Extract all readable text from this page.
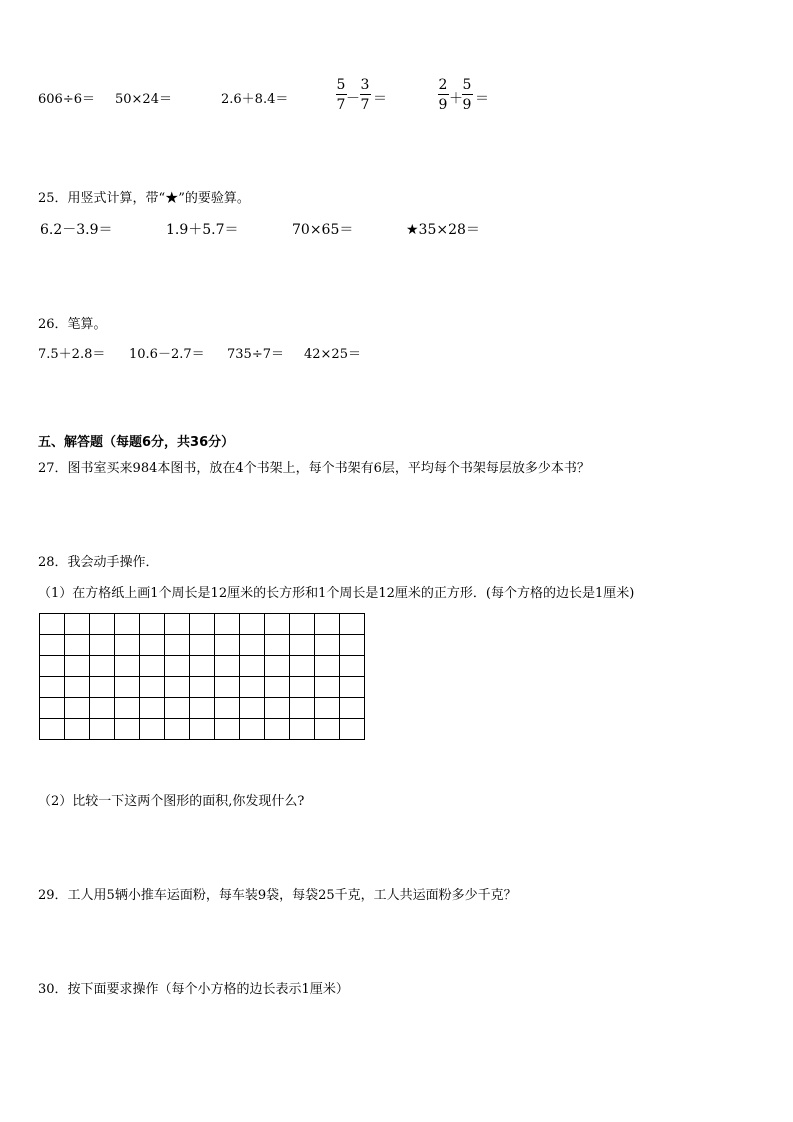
606÷6＝ 50×24＝	2.6＋8.4＝
5
7 －
3
7 ＝
2
9 ＋
5
9 ＝
25．用竖式计算，带“★”的要验算。
6.2－3.9＝	1.9＋5.7＝	70×65＝	★35×28＝
26．笔算。
7.5＋2.8＝ 10.6－2.7＝ 735÷7＝ 42×25＝
五、解答题（每题6分，共36分）
27．图书室买来984本图书，放在4个书架上，每个书架有6层，平均每个书架每层放多少本书？
28．我会动手操作．
（1）在方格纸上画1个周长是12厘米的长方形和1个周长是12厘米的正方形．(每个方格的边长是1厘米)

（2）比较一下这两个图形的面积,你发现什么?
29．工人用5辆小推车运面粉，每车装9袋，每袋25千克，工人共运面粉多少千克？
30．按下面要求操作（每个小方格的边长表示1厘米）
